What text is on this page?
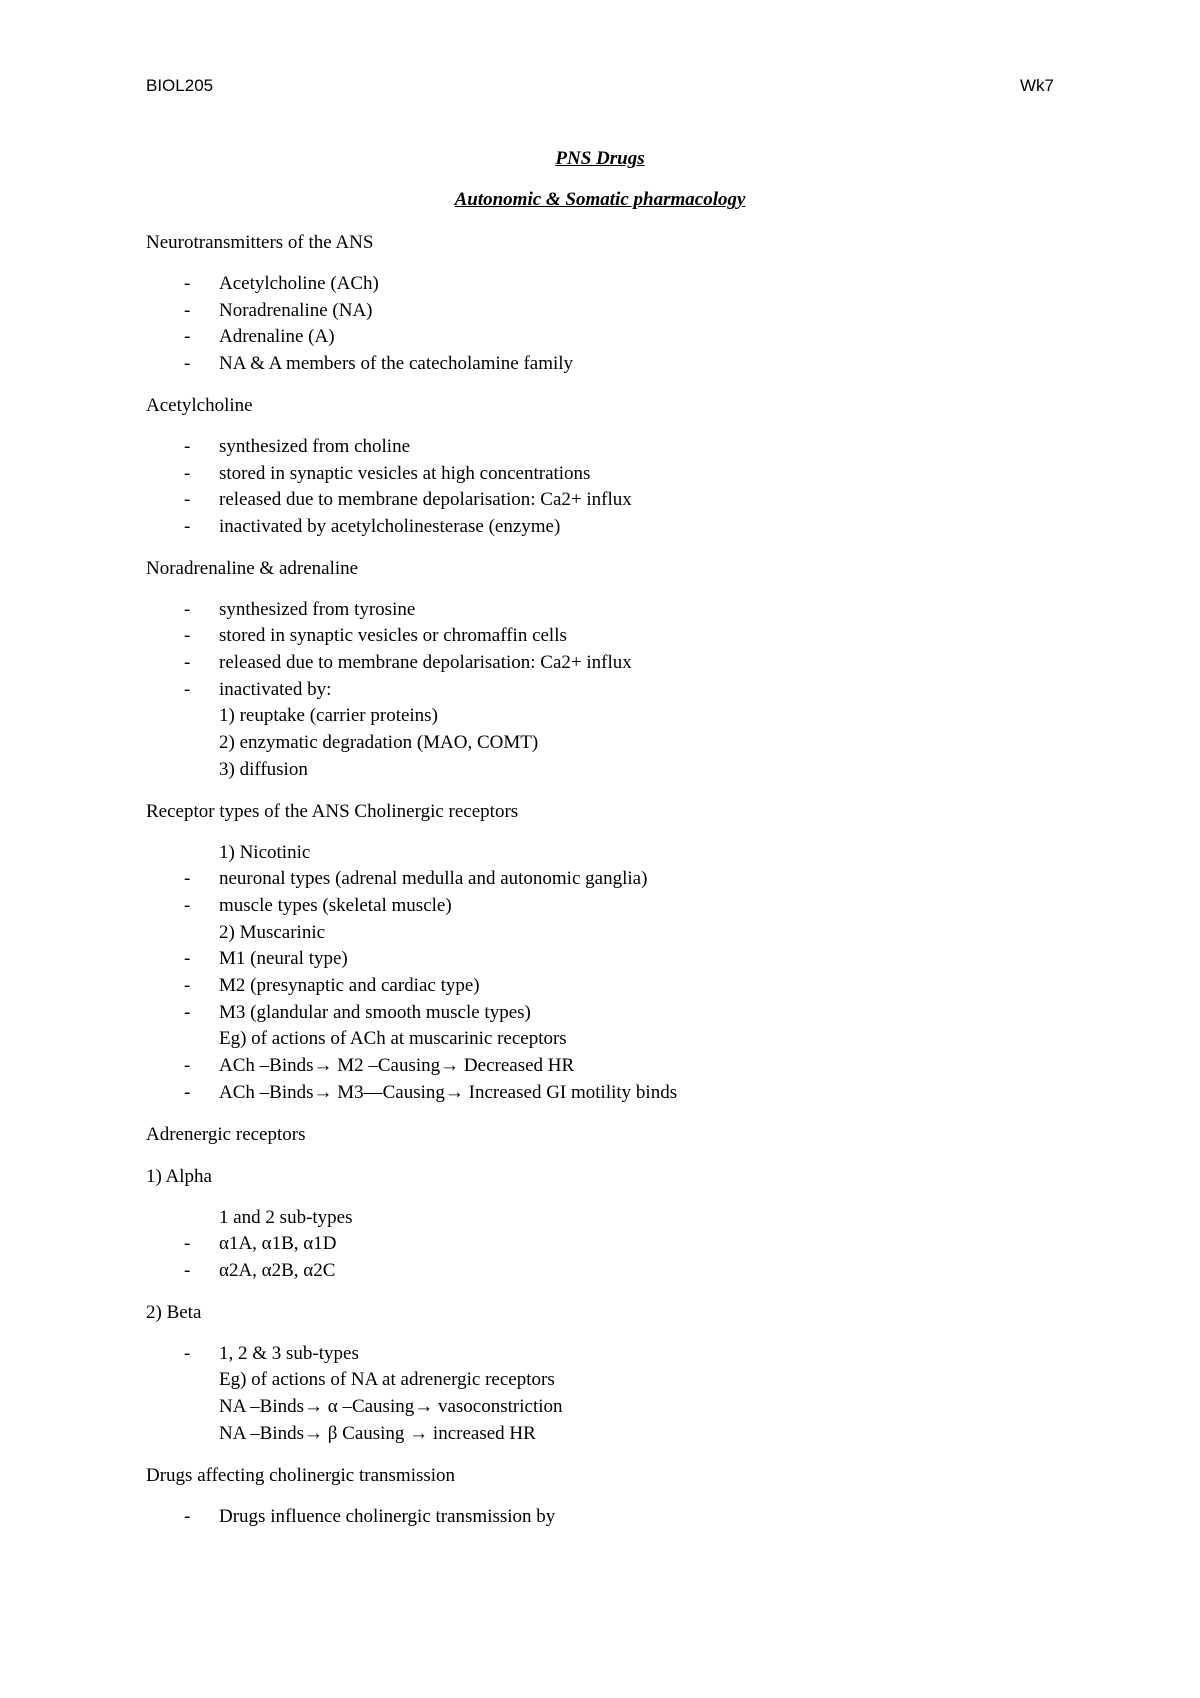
BIOL205	Wk7
PNS Drugs
Autonomic & Somatic pharmacology
Neurotransmitters of the ANS
- Acetylcholine (ACh)
- Noradrenaline (NA)
- Adrenaline (A)
- NA & A members of the catecholamine family
Acetylcholine
- synthesized from choline
- stored in synaptic vesicles at high concentrations
- released due to membrane depolarisation: Ca2+ influx
- inactivated by acetylcholinesterase (enzyme)
Noradrenaline & adrenaline
- synthesized from tyrosine
- stored in synaptic vesicles or chromaffin cells
- released due to membrane depolarisation: Ca2+ influx
- inactivated by:
1) reuptake (carrier proteins)
2) enzymatic degradation (MAO, COMT)
3) diffusion
Receptor types of the ANS Cholinergic receptors
1) Nicotinic
- neuronal types (adrenal medulla and autonomic ganglia)
- muscle types (skeletal muscle)
2) Muscarinic
- M1 (neural type)
- M2 (presynaptic and cardiac type)
- M3 (glandular and smooth muscle types)
Eg) of actions of ACh at muscarinic receptors
- ACh –Binds→ M2 –Causing→ Decreased HR
- ACh –Binds→ M3—Causing→ Increased GI motility binds
Adrenergic receptors
1) Alpha
1 and 2 sub-types
- α1A, α1B, α1D
- α2A, α2B, α2C
2) Beta
- 1, 2 & 3 sub-types
Eg) of actions of NA at adrenergic receptors
NA –Binds→ α –Causing→ vasoconstriction
NA –Binds→ β Causing → increased HR
Drugs affecting cholinergic transmission
- Drugs influence cholinergic transmission by
